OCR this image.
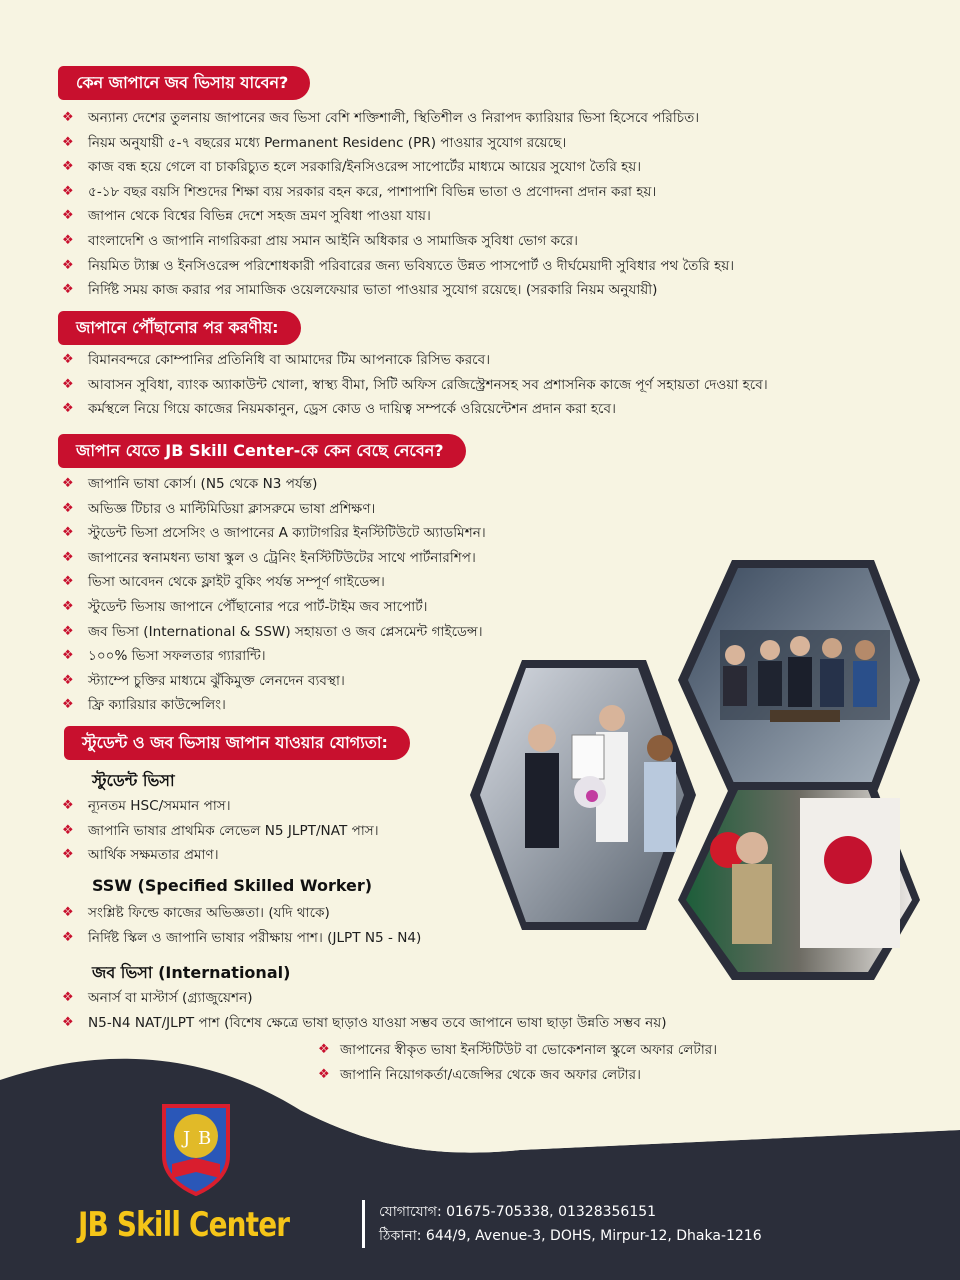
কেন জাপানে জব ভিসায় যাবেন?
❖ অন্যান্য দেশের তুলনায় জাপানের জব ভিসা বেশি শক্তিশালী, স্থিতিশীল ও নিরাপদ ক্যারিয়ার ভিসা হিসেবে পরিচিত।
❖ নিয়ম অনুযায়ী ৫-৭ বছরের মধ্যে Permanent Residenc (PR) পাওয়ার সুযোগ রয়েছে।
❖ কাজ বন্ধ হয়ে গেলে বা চাকরিচ্যুত হলে সরকারি/ইনসিওরেন্স সাপোর্টের মাধ্যমে আয়ের সুযোগ তৈরি হয়।
❖ ৫-১৮ বছর বয়সি শিশুদের শিক্ষা ব্যয় সরকার বহন করে, পাশাপাশি বিভিন্ন ভাতা ও প্রণোদনা প্রদান করা হয়।
❖ জাপান থেকে বিশ্বের বিভিন্ন দেশে সহজ ভ্রমণ সুবিধা পাওয়া যায়।
❖ বাংলাদেশি ও জাপানি নাগরিকরা প্রায় সমান আইনি অধিকার ও সামাজিক সুবিধা ভোগ করে।
❖ নিয়মিত ট্যাক্স ও ইনসিওরেন্স পরিশোধকারী পরিবারের জন্য ভবিষ্যতে উন্নত পাসপোর্ট ও দীর্ঘমেয়াদী সুবিধার পথ তৈরি হয়।
❖ নির্দিষ্ট সময় কাজ করার পর সামাজিক ওয়েলফেয়ার ভাতা পাওয়ার সুযোগ রয়েছে। (সরকারি নিয়ম অনুযায়ী)
জাপানে পৌঁছানোর পর করণীয়:
❖ বিমানবন্দরে কোম্পানির প্রতিনিধি বা আমাদের টিম আপনাকে রিসিভ করবে।
❖ আবাসন সুবিধা, ব্যাংক অ্যাকাউন্ট খোলা, স্বাস্থ্য বীমা, সিটি অফিস রেজিস্ট্রেশনসহ সব প্রশাসনিক কাজে পূর্ণ সহায়তা দেওয়া হবে।
❖ কর্মস্থলে নিয়ে গিয়ে কাজের নিয়মকানুন, ড্রেস কোড ও দায়িত্ব সম্পর্কে ওরিয়েন্টেশন প্রদান করা হবে।
জাপান যেতে JB Skill Center-কে কেন বেছে নেবেন?
❖ জাপানি ভাষা কোর্স। (N5 থেকে N3 পর্যন্ত)
❖ অভিজ্ঞ টিচার ও মাল্টিমিডিয়া ক্লাসরুমে ভাষা প্রশিক্ষণ।
❖ স্টুডেন্ট ভিসা প্রসেসিং ও জাপানের A ক্যাটাগরির ইনস্টিটিউটে অ্যাডমিশন।
❖ জাপানের স্বনামধন্য ভাষা স্কুল ও ট্রেনিং ইনস্টিটিউটের সাথে পার্টনারশিপ।
❖ ভিসা আবেদন থেকে ফ্লাইট বুকিং পর্যন্ত সম্পূর্ণ গাইডেন্স।
❖ স্টুডেন্ট ভিসায় জাপানে পৌঁছানোর পরে পার্ট-টাইম জব সাপোর্ট।
❖ জব ভিসা (International & SSW) সহায়তা ও জব প্লেসমেন্ট গাইডেন্স।
❖ ১০০% ভিসা সফলতার গ্যারান্টি।
❖ স্ট্যাম্পে চুক্তির মাধ্যমে ঝুঁকিমুক্ত লেনদেন ব্যবস্থা।
❖ ফ্রি ক্যারিয়ার কাউন্সেলিং।
স্টুডেন্ট ও জব ভিসায় জাপান যাওয়ার যোগ্যতা:
স্টুডেন্ট ভিসা
❖ ন্যূনতম HSC/সমমান পাস।
❖ জাপানি ভাষার প্রাথমিক লেভেল N5 JLPT/NAT পাস।
❖ আর্থিক সক্ষমতার প্রমাণ।
SSW (Specified Skilled Worker)
❖ সংশ্লিষ্ট ফিল্ডে কাজের অভিজ্ঞতা। (যদি থাকে)
❖ নির্দিষ্ট স্কিল ও জাপানি ভাষার পরীক্ষায় পাশ। (JLPT N5 - N4)
জব ভিসা (International)
❖ অনার্স বা মাস্টার্স (গ্র্যাজুয়েশন)
❖ N5-N4 NAT/JLPT পাশ (বিশেষ ক্ষেত্রে ভাষা ছাড়াও যাওয়া সম্ভব তবে জাপানে ভাষা ছাড়া উন্নতি সম্ভব নয়)
❖ জাপানের স্বীকৃত ভাষা ইনস্টিটিউট বা ভোকেশনাল স্কুলে অফার লেটার।
❖ জাপানি নিয়োগকর্তা/এজেন্সির থেকে জব অফার লেটার।
J B
JB Skill Center	যোগাযোগ: 01675-705338, 01328356151
ঠিকানা: 644/9, Avenue-3, DOHS, Mirpur-12, Dhaka-1216
